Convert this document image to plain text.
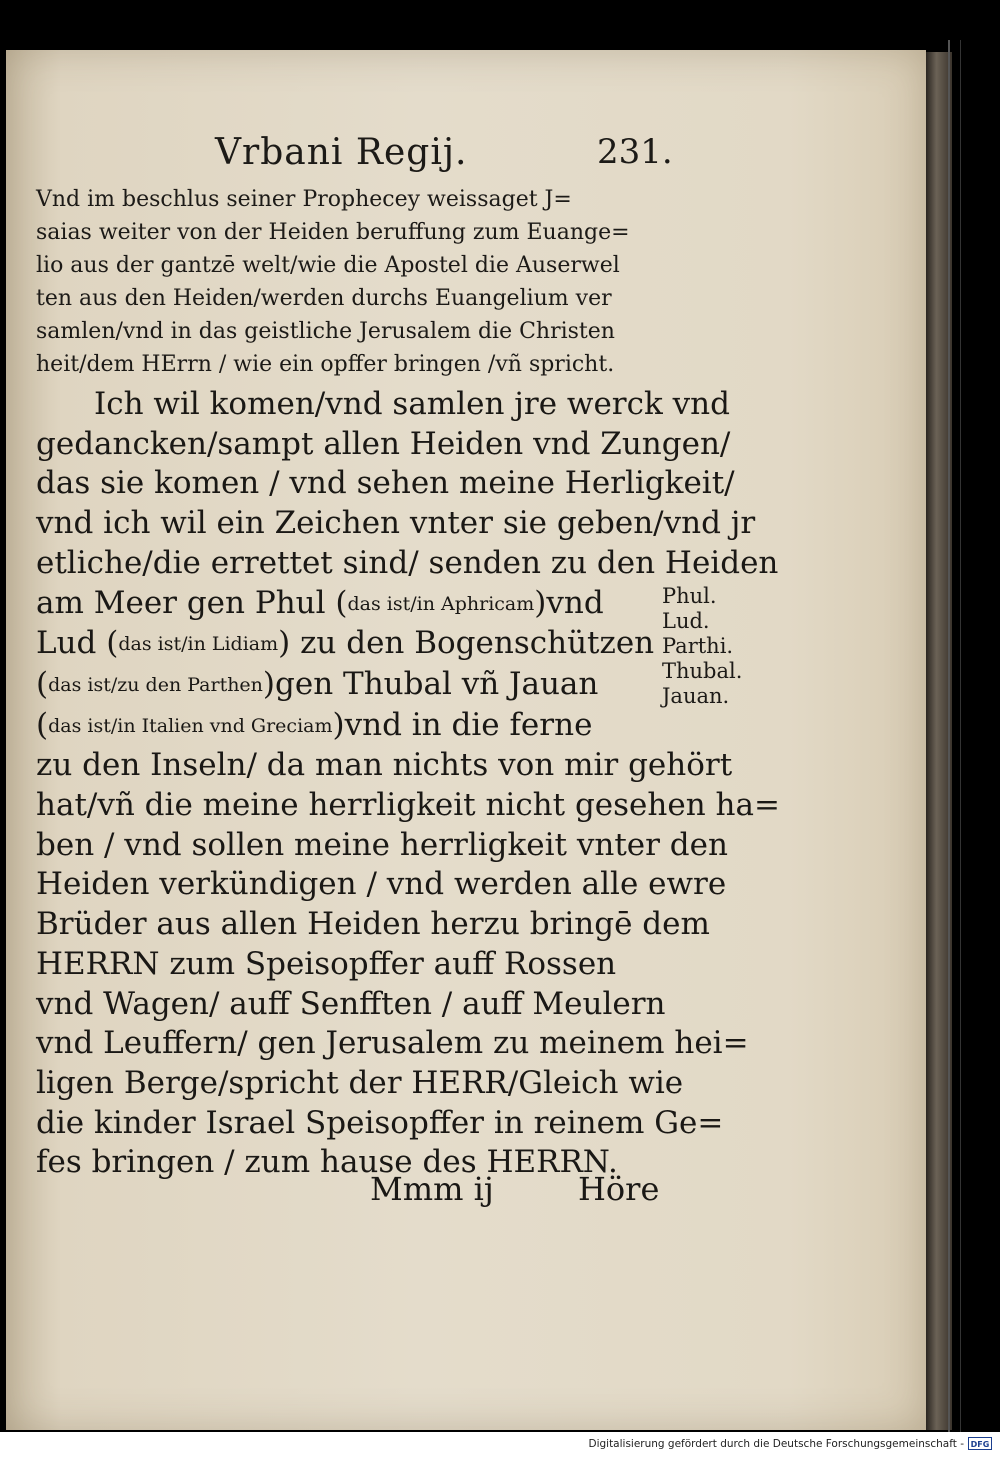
Vrbani Regij.	231.
Vnd im beschlus seiner Prophecey weissaget J=
saias weiter von der Heiden beruffung zum Euange=
lio aus der gantzē welt/wie die Apostel die Auserwel
ten aus den Heiden/werden durchs Euangelium ver
samlen/vnd in das geistliche Jerusalem die Christen
heit/dem HErrn / wie ein opffer bringen /vñ spricht.
Ich wil komen/vnd samlen jre werck vnd
gedancken/sampt allen Heiden vnd Zungen/
das sie komen / vnd sehen meine Herligkeit/
vnd ich wil ein Zeichen vnter sie geben/vnd jr
etliche/die errettet sind/ senden zu den Heiden
am Meer gen Phul (das ist/in Aphricam)vnd
Lud (das ist/in Lidiam) zu den Bogenschützen
(das ist/zu den Parthen)gen Thubal vñ Jauan
(das ist/in Italien vnd Greciam)vnd in die ferne
zu den Inseln/ da man nichts von mir gehört
hat/vñ die meine herrligkeit nicht gesehen ha=
ben / vnd sollen meine herrligkeit vnter den
Heiden verkündigen / vnd werden alle ewre
Brüder aus allen Heiden herzu bringē dem
HERRN zum Speisopffer auff Rossen
vnd Wagen/ auff Senfften / auff Meulern
vnd Leuffern/ gen Jerusalem zu meinem hei=
ligen Berge/spricht der HERR/Gleich wie
die kinder Israel Speisopffer in reinem Ge=
fes bringen / zum hause des HERRN.
Phul.
Lud.
Parthi.
Thubal.
Jauan.
Mmm ij	Höre
Digitalisierung gefördert durch die Deutsche Forschungsgemeinschaft - DFG
